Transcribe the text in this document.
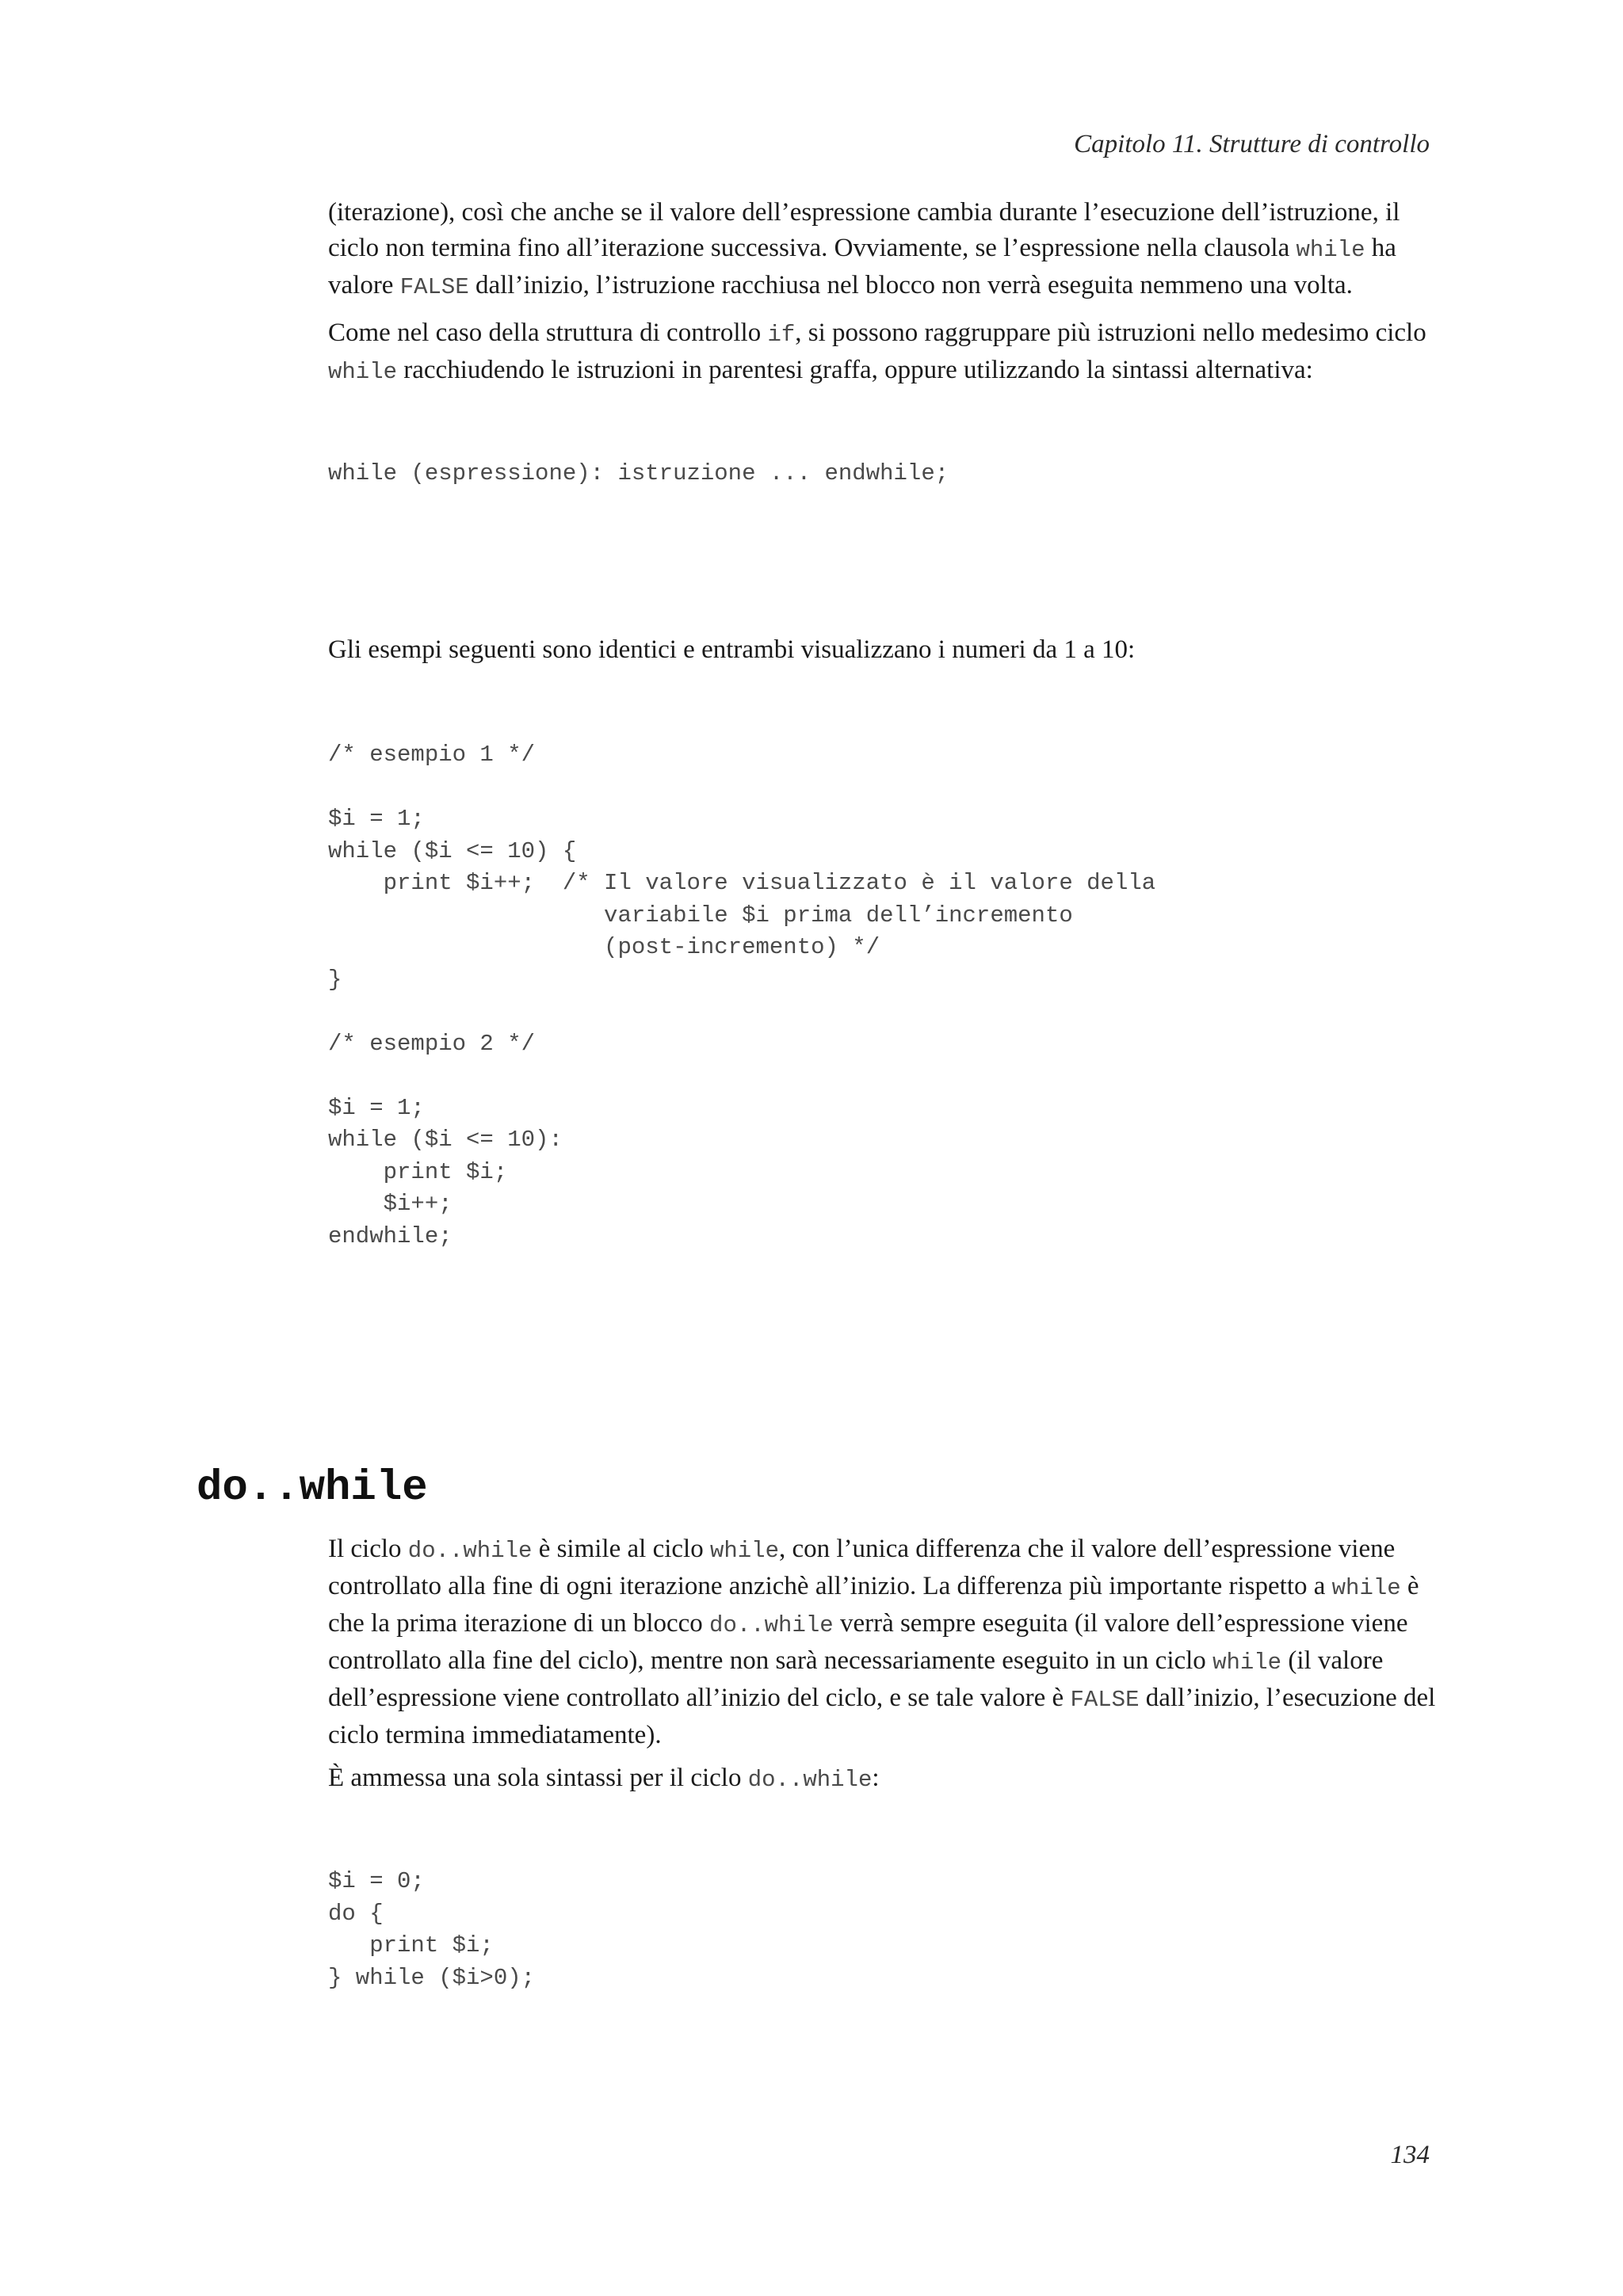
Capitolo 11. Strutture di controllo

(iterazione), così che anche se il valore dell’espressione cambia durante l’esecuzione dell’istruzione, il ciclo non termina fino all’iterazione successiva. Ovviamente, se l’espressione nella clausola while ha valore FALSE dall’inizio, l’istruzione racchiusa nel blocco non verrà eseguita nemmeno una volta.

Come nel caso della struttura di controllo if, si possono raggruppare più istruzioni nello medesimo ciclo while racchiudendo le istruzioni in parentesi graffa, oppure utilizzando la sintassi alternativa:

while (espressione): istruzione ... endwhile;

Gli esempi seguenti sono identici e entrambi visualizzano i numeri da 1 a 10:

/* esempio 1 */

$i = 1;
while ($i <= 10) {
print $i++;  /* Il valore visualizzato è il valore della
variabile $i prima dell’incremento
(post-incremento) */
}

/* esempio 2 */

$i = 1;
while ($i <= 10):
print $i;
$i++;
endwhile;
do..while

Il ciclo do..while è simile al ciclo while, con l’unica differenza che il valore dell’espressione viene controllato alla fine di ogni iterazione anzichè all’inizio. La differenza più importante rispetto a while è che la prima iterazione di un blocco do..while verrà sempre eseguita (il valore dell’espressione viene controllato alla fine del ciclo), mentre non sarà necessariamente eseguito in un ciclo while (il valore dell’espressione viene controllato all’inizio del ciclo, e se tale valore è FALSE dall’inizio, l’esecuzione del ciclo termina immediatamente).

È ammessa una sola sintassi per il ciclo do..while:

$i = 0;
do {
print $i;
} while ($i>0);
134
